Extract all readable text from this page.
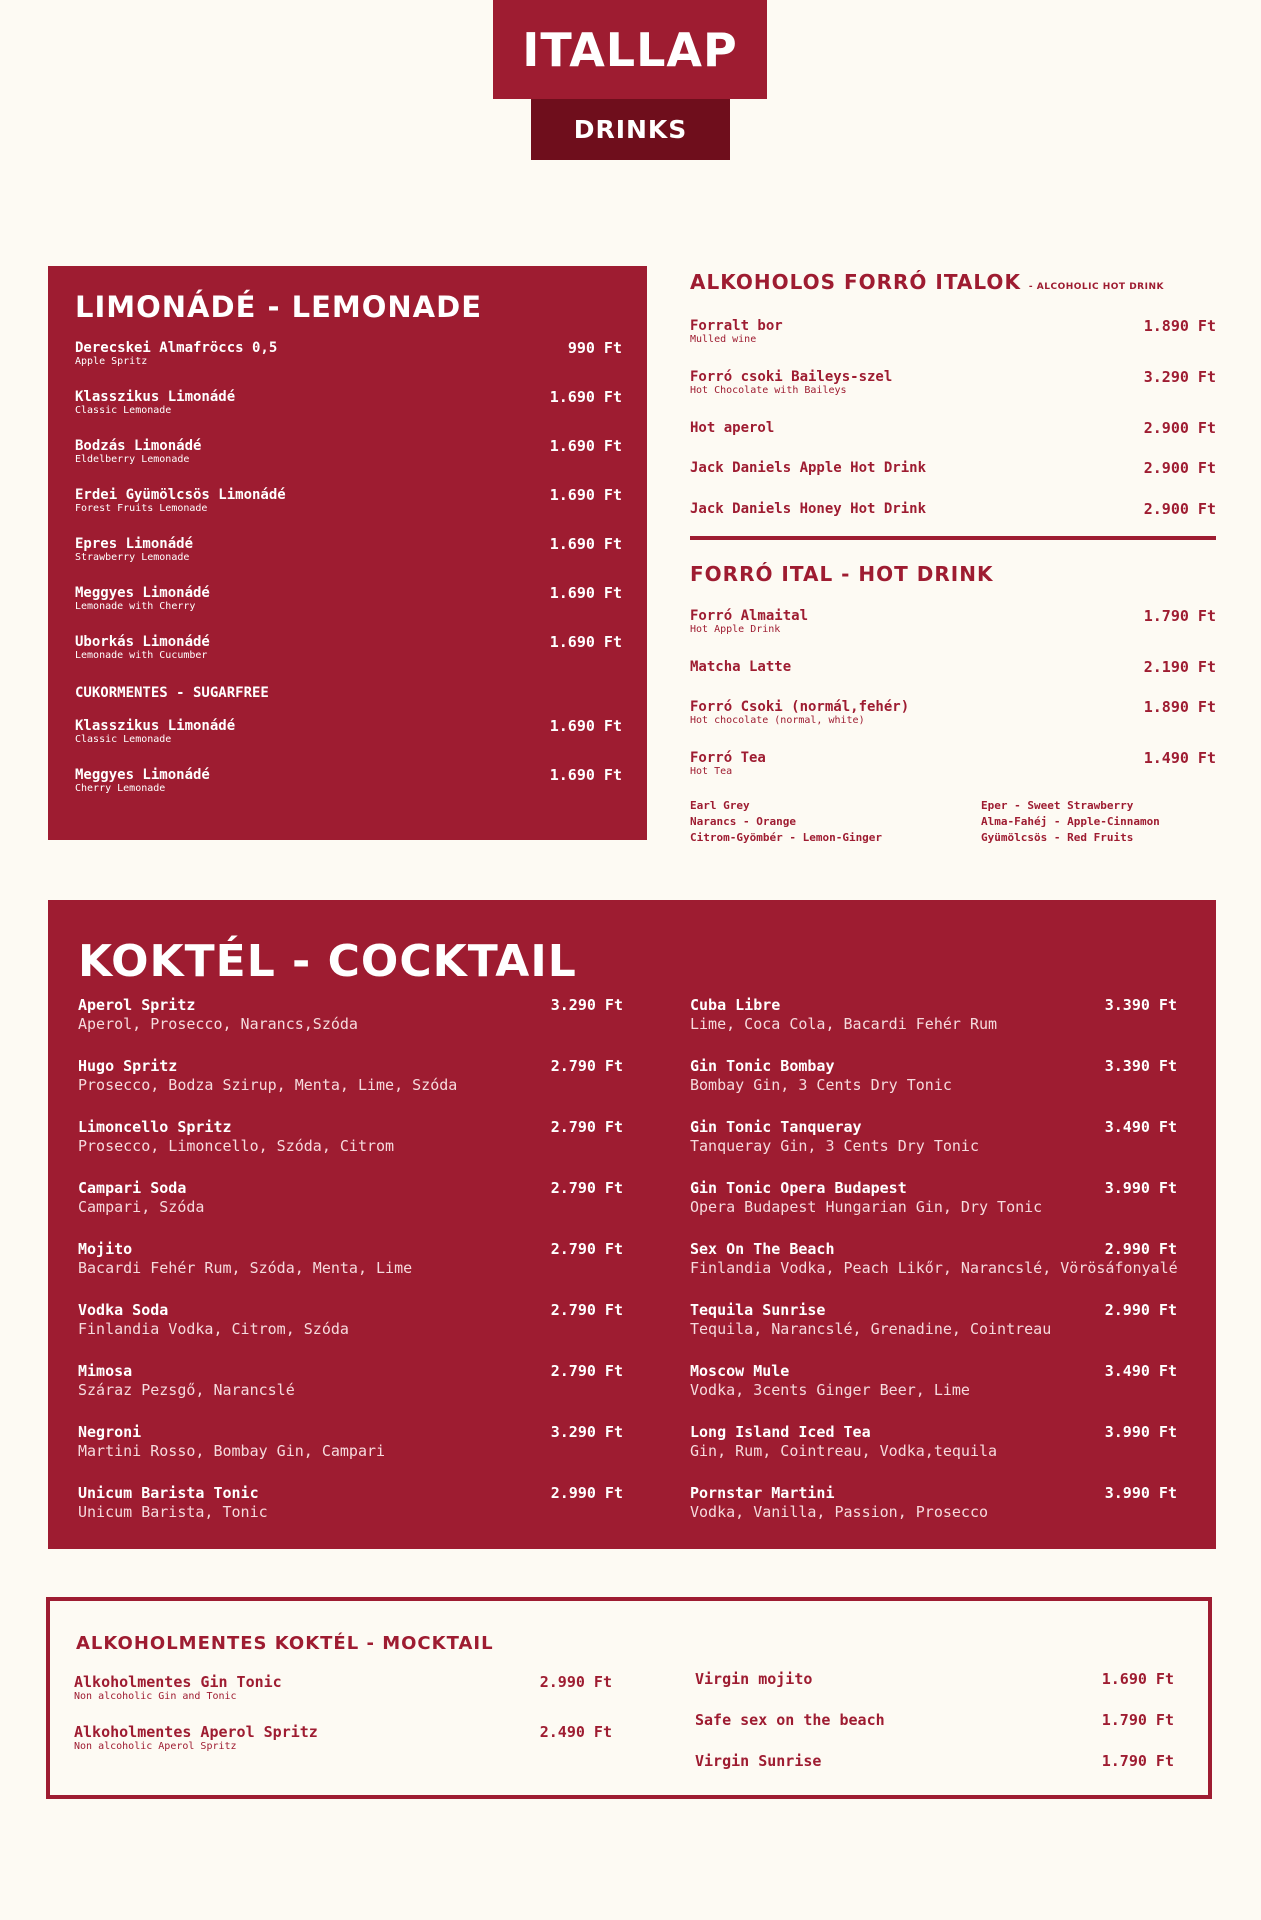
ITALLAP
DRINKS
LIMONÁDÉ - LEMONADE
Derecskei Almafröccs 0,5
Apple Spritz
990 Ft
Klasszikus Limonádé
Classic Lemonade
1.690 Ft
Bodzás Limonádé
Eldelberry Lemonade
1.690 Ft
Erdei Gyümölcsös Limonádé
Forest Fruits Lemonade
1.690 Ft
Epres Limonádé
Strawberry Lemonade
1.690 Ft
Meggyes Limonádé
Lemonade with Cherry
1.690 Ft
Uborkás Limonádé
Lemonade with Cucumber
1.690 Ft
CUKORMENTES - SUGARFREE
Klasszikus Limonádé
Classic Lemonade
1.690 Ft
Meggyes Limonádé
Cherry Lemonade
1.690 Ft
ALKOHOLOS FORRÓ ITALOK - ALCOHOLIC HOT DRINK
Forralt bor
Mulled wine
1.890 Ft
Forró csoki Baileys-szel
Hot Chocolate with Baileys
3.290 Ft
Hot aperol	2.900 Ft
Jack Daniels Apple Hot Drink	2.900 Ft
Jack Daniels Honey Hot Drink	2.900 Ft
FORRÓ ITAL - HOT DRINK
Forró Almaital
Hot Apple Drink
1.790 Ft
Matcha Latte	2.190 Ft
Forró Csoki (normál,fehér)
Hot chocolate (normal, white)
1.890 Ft
Forró Tea
Hot Tea
1.490 Ft
Earl Grey
Narancs - Orange
Citrom-Gyömbér - Lemon-Ginger
Eper - Sweet Strawberry
Alma-Fahéj - Apple-Cinnamon
Gyümölcsös - Red Fruits
KOKTÉL - COCKTAIL
Aperol Spritz
Aperol, Prosecco, Narancs,Szóda
3.290 Ft
Hugo Spritz
Prosecco, Bodza Szirup, Menta, Lime, Szóda
2.790 Ft
Limoncello Spritz
Prosecco, Limoncello, Szóda, Citrom
2.790 Ft
Campari Soda
Campari, Szóda
2.790 Ft
Mojito
Bacardi Fehér Rum, Szóda, Menta, Lime
2.790 Ft
Vodka Soda
Finlandia Vodka, Citrom, Szóda
2.790 Ft
Mimosa
Száraz Pezsgő, Narancslé
2.790 Ft
Negroni
Martini Rosso, Bombay Gin, Campari
3.290 Ft
Unicum Barista Tonic
Unicum Barista, Tonic
2.990 Ft
Cuba Libre
Lime, Coca Cola, Bacardi Fehér Rum
3.390 Ft
Gin Tonic Bombay
Bombay Gin, 3 Cents Dry Tonic
3.390 Ft
Gin Tonic Tanqueray
Tanqueray Gin, 3 Cents Dry Tonic
3.490 Ft
Gin Tonic Opera Budapest
Opera Budapest Hungarian Gin, Dry Tonic
3.990 Ft
Sex On The Beach
Finlandia Vodka, Peach Likőr, Narancslé, Vörösáfonyalé
2.990 Ft
Tequila Sunrise
Tequila, Narancslé, Grenadine, Cointreau
2.990 Ft
Moscow Mule
Vodka, 3cents Ginger Beer, Lime
3.490 Ft
Long Island Iced Tea
Gin, Rum, Cointreau, Vodka,tequila
3.990 Ft
Pornstar Martini
Vodka, Vanilla, Passion, Prosecco
3.990 Ft
ALKOHOLMENTES KOKTÉL - MOCKTAIL
Alkoholmentes Gin Tonic
Non alcoholic Gin and Tonic
2.990 Ft
Alkoholmentes Aperol Spritz
Non alcoholic Aperol Spritz
2.490 Ft
Virgin mojito	1.690 Ft
Safe sex on the beach	1.790 Ft
Virgin Sunrise	1.790 Ft
